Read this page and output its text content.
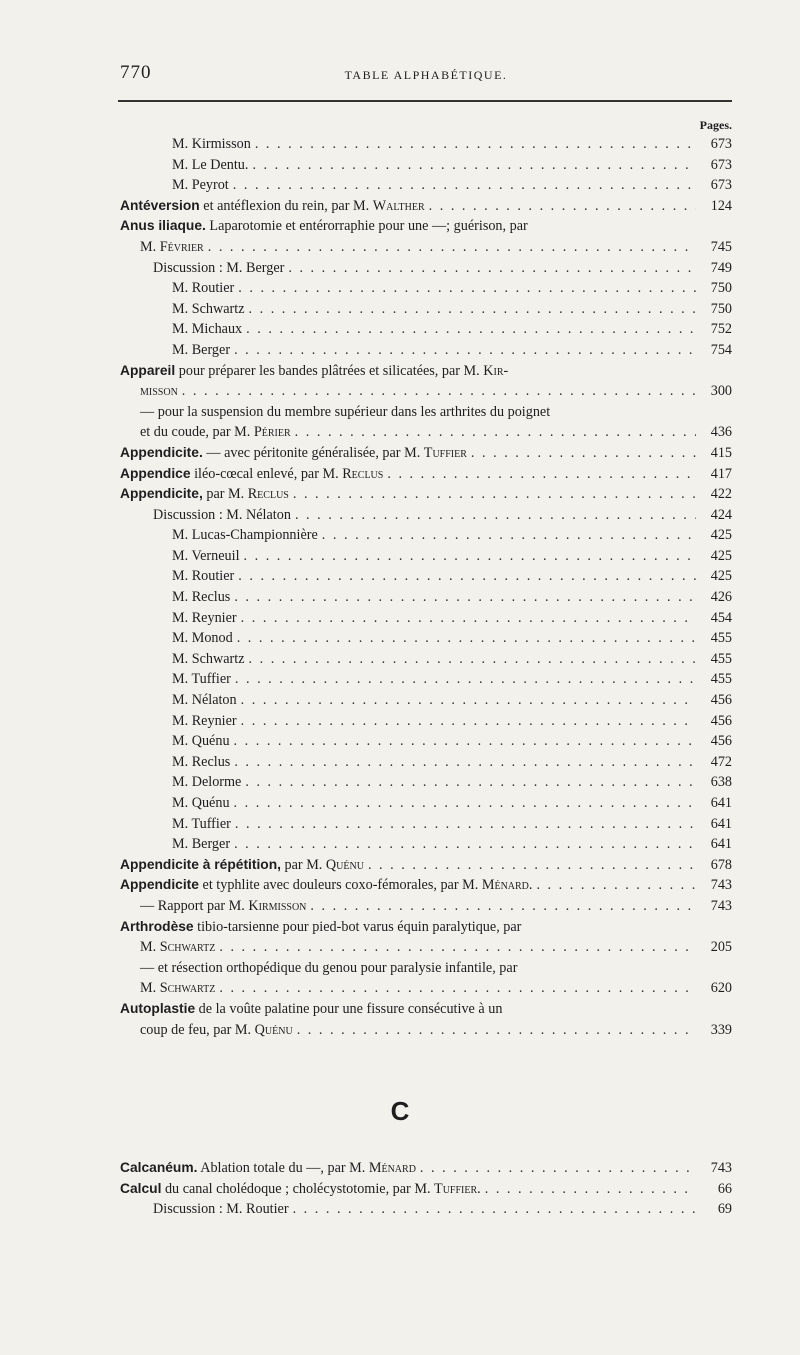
770	TABLE ALPHABÉTIQUE.
Pages.
M. Kirmisson . . .	673
M. Le Dentu. . . .	673
M. Peyrot . . .	673
Antéversion et antéflexion du rein, par M. Walther . . .	124
Anus iliaque. Laparotomie et entérorraphie pour une —; guérison, par
M. Février . . .	745
Discussion : M. Berger . . .	749
M. Routier . . .	750
M. Schwartz . . .	750
M. Michaux . . .	752
M. Berger . . .	754
Appareil pour préparer les bandes plâtrées et silicatées, par M. Kir-
misson . . .	300
— pour la suspension du membre supérieur dans les arthrites du poignet
et du coude, par M. Périer . . .	436
Appendicite. — avec péritonite généralisée, par M. Tuffier . . .	415
Appendice iléo-cœcal enlevé, par M. Reclus . . .	417
Appendicite, par M. Reclus . . .	422
Discussion : M. Nélaton . . .	424
M. Lucas-Championnière . . .	425
M. Verneuil . . .	425
M. Routier . . .	425
M. Reclus . . .	426
M. Reynier . . .	454
M. Monod . . .	455
M. Schwartz . . .	455
M. Tuffier . . .	455
M. Nélaton . . .	456
M. Reynier . . .	456
M. Quénu . . .	456
M. Reclus . . .	472
M. Delorme . . .	638
M. Quénu . . .	641
M. Tuffier . . .	641
M. Berger . . .	641
Appendicite à répétition, par M. Quénu . . .	678
Appendicite et typhlite avec douleurs coxo-fémorales, par M. Ménard. . . .	743
— Rapport par M. Kirmisson . . .	743
Arthrodèse tibio-tarsienne pour pied-bot varus équin paralytique, par
M. Schwartz . . .	205
— et résection orthopédique du genou pour paralysie infantile, par
M. Schwartz . . .	620
Autoplastie de la voûte palatine pour une fissure consécutive à un
coup de feu, par M. Quénu . . .	339
C
Calcanéum. Ablation totale du —, par M. Ménard . . .	743
Calcul du canal cholédoque ; cholécystotomie, par M. Tuffier. . . .	66
Discussion : M. Routier . . .	69
